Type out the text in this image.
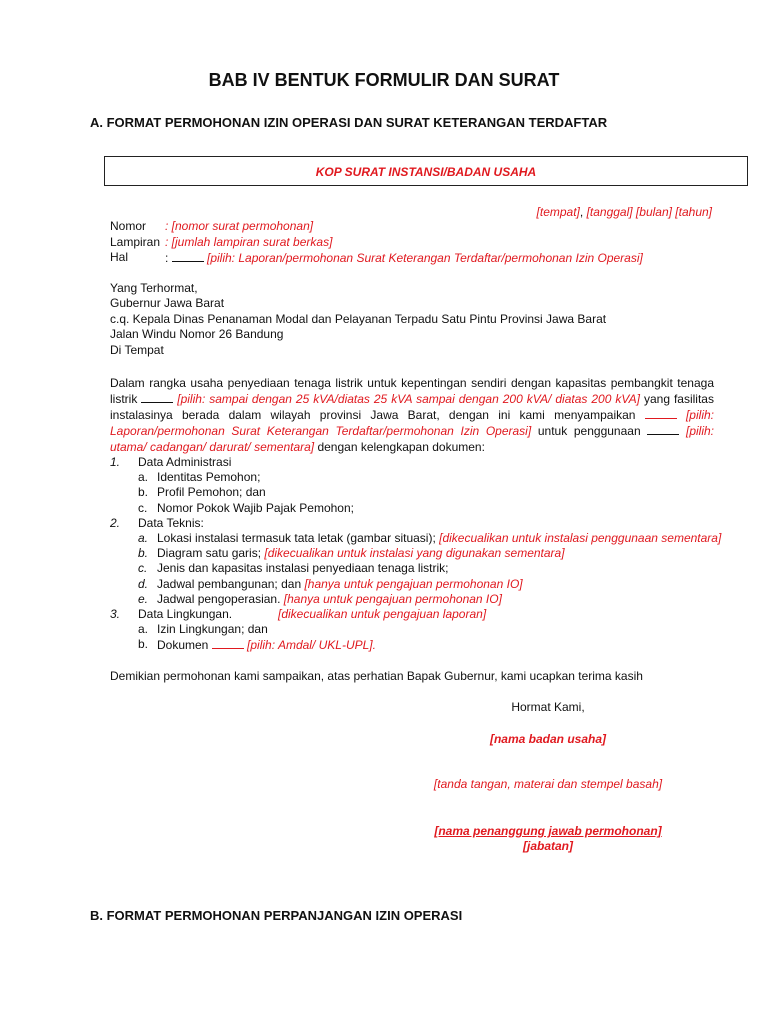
BAB IV BENTUK FORMULIR DAN SURAT
A. FORMAT PERMOHONAN IZIN OPERASI DAN SURAT KETERANGAN TERDAFTAR
KOP SURAT INSTANSI/BADAN USAHA
[tempat], [tanggal] [bulan] [tahun]
Nomor : [nomor surat permohonan]
Lampiran : [jumlah lampiran surat berkas]
Hal	:	[pilih: Laporan/permohonan Surat Keterangan Terdaftar/permohonan Izin Operasi]
Yang Terhormat,
Gubernur Jawa Barat
c.q. Kepala Dinas Penanaman Modal dan Pelayanan Terpadu Satu Pintu Provinsi Jawa Barat
Jalan Windu Nomor 26 Bandung
Di Tempat
Dalam rangka usaha penyediaan tenaga listrik untuk kepentingan sendiri dengan kapasitas pembangkit tenaga listrik	[pilih: sampai dengan 25 kVA/diatas 25 kVA sampai dengan 200 kVA/ diatas 200 kVA] yang fasilitas instalasinya berada dalam wilayah provinsi Jawa Barat, dengan ini kami menyampaikan	[pilih: Laporan/permohonan Surat Keterangan Terdaftar/permohonan Izin Operasi] untuk penggunaan	[pilih: utama/ cadangan/ darurat/ sementara] dengan kelengkapan dokumen:
1. Data Administrasi
a. Identitas Pemohon;
b. Profil Pemohon; dan
c. Nomor Pokok Wajib Pajak Pemohon;
2. Data Teknis:
a. Lokasi instalasi termasuk tata letak (gambar situasi); [dikecualikan untuk instalasi penggunaan sementara]
b. Diagram satu garis; [dikecualikan untuk instalasi yang digunakan sementara]
c. Jenis dan kapasitas instalasi penyediaan tenaga listrik;
d. Jadwal pembangunan; dan [hanya untuk pengajuan permohonan IO]
e. Jadwal pengoperasian. [hanya untuk pengajuan permohonan IO]
3. Data Lingkungan.	[dikecualikan untuk pengajuan laporan]
a. Izin Lingkungan; dan
b. Dokumen	[pilih: Amdal/ UKL-UPL].
Demikian permohonan kami sampaikan, atas perhatian Bapak Gubernur, kami ucapkan terima kasih
Hormat Kami,
[nama badan usaha]
[tanda tangan, materai dan stempel basah]
[nama penanggung jawab permohonan]
[jabatan]
B. FORMAT PERMOHONAN PERPANJANGAN IZIN OPERASI
